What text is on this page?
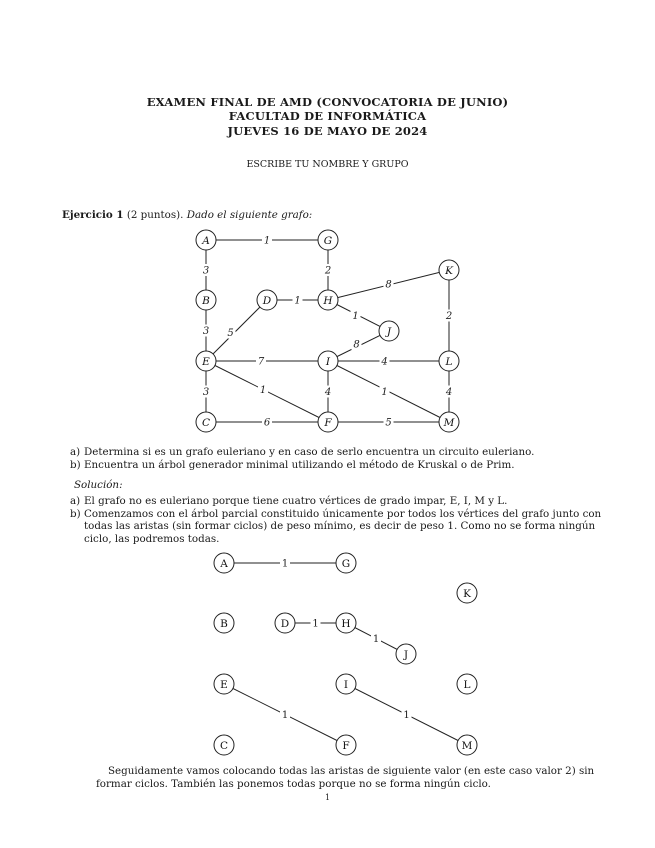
EXAMEN FINAL DE AMD (CONVOCATORIA DE JUNIO)
FACULTAD DE INFORMÁTICA
JUEVES 16 DE MAYO DE 2024
ESCRIBE TU NOMBRE Y GRUPO
Ejercicio 1 (2 puntos). Dado el siguiente grafo:
1
3	2
1
8
1	2
3 5
8
7	4
3	1	4	1	4
6	5
A	G
K
B	D	H
J
E	I	L
C	F	M
1
1
1
1	1
A	G
K
B	D	H
J
E	I	L
C	F	M
a) Determina si es un grafo euleriano y en caso de serlo encuentra un circuito euleriano.
b) Encuentra un árbol generador minimal utilizando el método de Kruskal o de Prim.
Solución:
a) El grafo no es euleriano porque tiene cuatro vértices de grado impar, E, I, M y L.
b) Comenzamos con el árbol parcial constituido únicamente por todos los vértices del grafo junto con todas las aristas (sin formar ciclos) de peso mínimo, es decir de peso 1. Como no se forma ningún ciclo, las podremos todas.
Seguidamente vamos colocando todas las aristas de siguiente valor (en este caso valor 2) sin formar ciclos. También las ponemos todas porque no se forma ningún ciclo.
1
